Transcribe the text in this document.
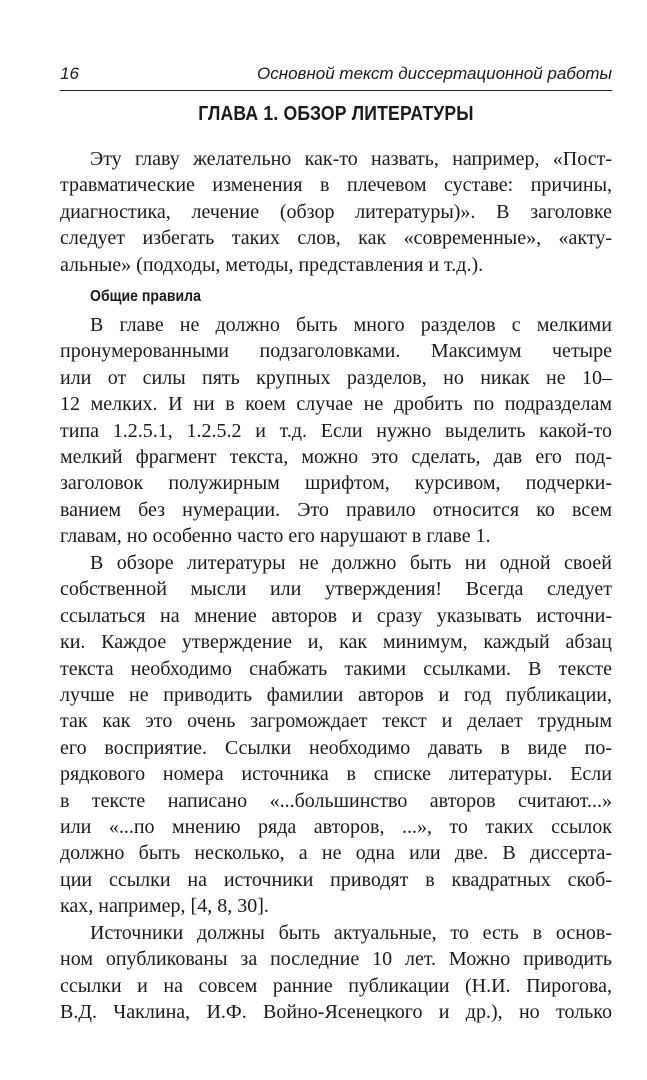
16	Основной текст диссертационной работы
ГЛАВА 1. ОБЗОР ЛИТЕРАТУРЫ
Эту главу желательно как-то назвать, например, «Пост-
травматические изменения в плечевом суставе: причины,
диагностика, лечение (обзор литературы)». В заголовке
следует избегать таких слов, как «современные», «акту-
альные» (подходы, методы, представления и т.д.).
Общие правила
В главе не должно быть много разделов с мелкими
пронумерованными подзаголовками. Максимум четыре
или от силы пять крупных разделов, но никак не 10–
12 мелких. И ни в коем случае не дробить по подразделам
типа 1.2.5.1, 1.2.5.2 и т.д. Если нужно выделить какой-то
мелкий фрагмент текста, можно это сделать, дав его под-
заголовок полужирным шрифтом, курсивом, подчерки-
ванием без нумерации. Это правило относится ко всем
главам, но особенно часто его нарушают в главе 1.
В обзоре литературы не должно быть ни одной своей
собственной мысли или утверждения! Всегда следует
ссылаться на мнение авторов и сразу указывать источни-
ки. Каждое утверждение и, как минимум, каждый абзац
текста необходимо снабжать такими ссылками. В тексте
лучше не приводить фамилии авторов и год публикации,
так как это очень загромождает текст и делает трудным
его восприятие. Ссылки необходимо давать в виде по-
рядкового номера источника в списке литературы. Если
в тексте написано «...большинство авторов считают...»
или «...по мнению ряда авторов, ...», то таких ссылок
должно быть несколько, а не одна или две. В диссерта-
ции ссылки на источники приводят в квадратных скоб-
ках, например, [4, 8, 30].
Источники должны быть актуальные, то есть в основ-
ном опубликованы за последние 10 лет. Можно приводить
ссылки и на совсем ранние публикации (Н.И. Пирогова,
В.Д. Чаклина, И.Ф. Войно-Ясенецкого и др.), но только
